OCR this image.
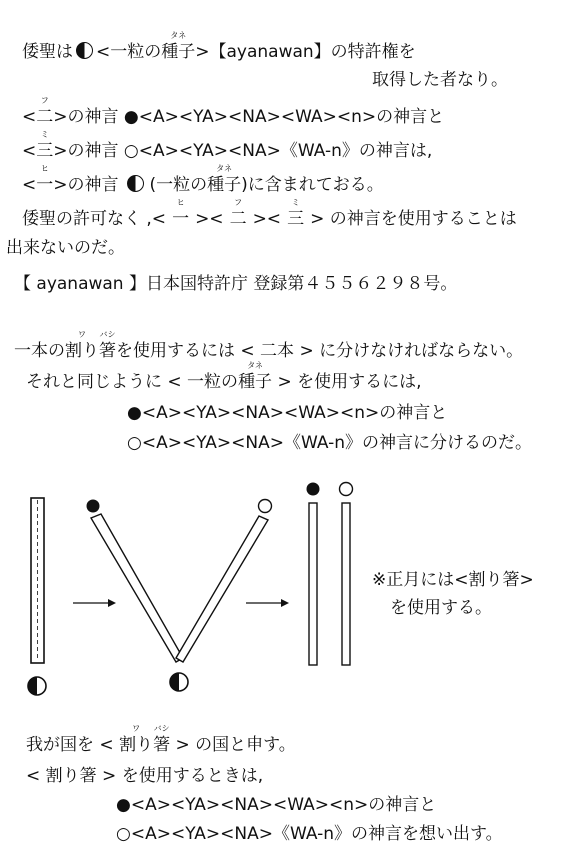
倭聖は <一粒の
タネ
種子>【ayanawan】の特許権を
取得した者なり。
<
フ
二>の神言 ●<A><YA><NA><WA><n>の神言と
<
ミ
三>の神言 ○<A><YA><NA>《WA-n》の神言は,
<
ヒ
一>の神言 (一粒の
タネ
種子)に含まれておる。
倭聖の許可なく ,<
ヒ
一 ><
フ
二 ><
ミ
三 > の神言を使用することは
出来ないのだ。
【 ayanawan 】日本国特許庁 登録第４５５６２９８号。
一本の
ワ
割り
バシ
箸を使用するには < 二本 > に分けなければならない。
それと同じように < 一粒の
タネ
種子 > を使用するには,
●<A><YA><NA><WA><n>の神言と
○<A><YA><NA>《WA-n》の神言に分けるのだ。
※正月には<割り箸>
を使用する。
我が国を <
ワ
割り
バシ
箸 > の国と申す。
< 割り箸 > を使用するときは,
●<A><YA><NA><WA><n>の神言と
○<A><YA><NA>《WA-n》の神言を想い出す。
